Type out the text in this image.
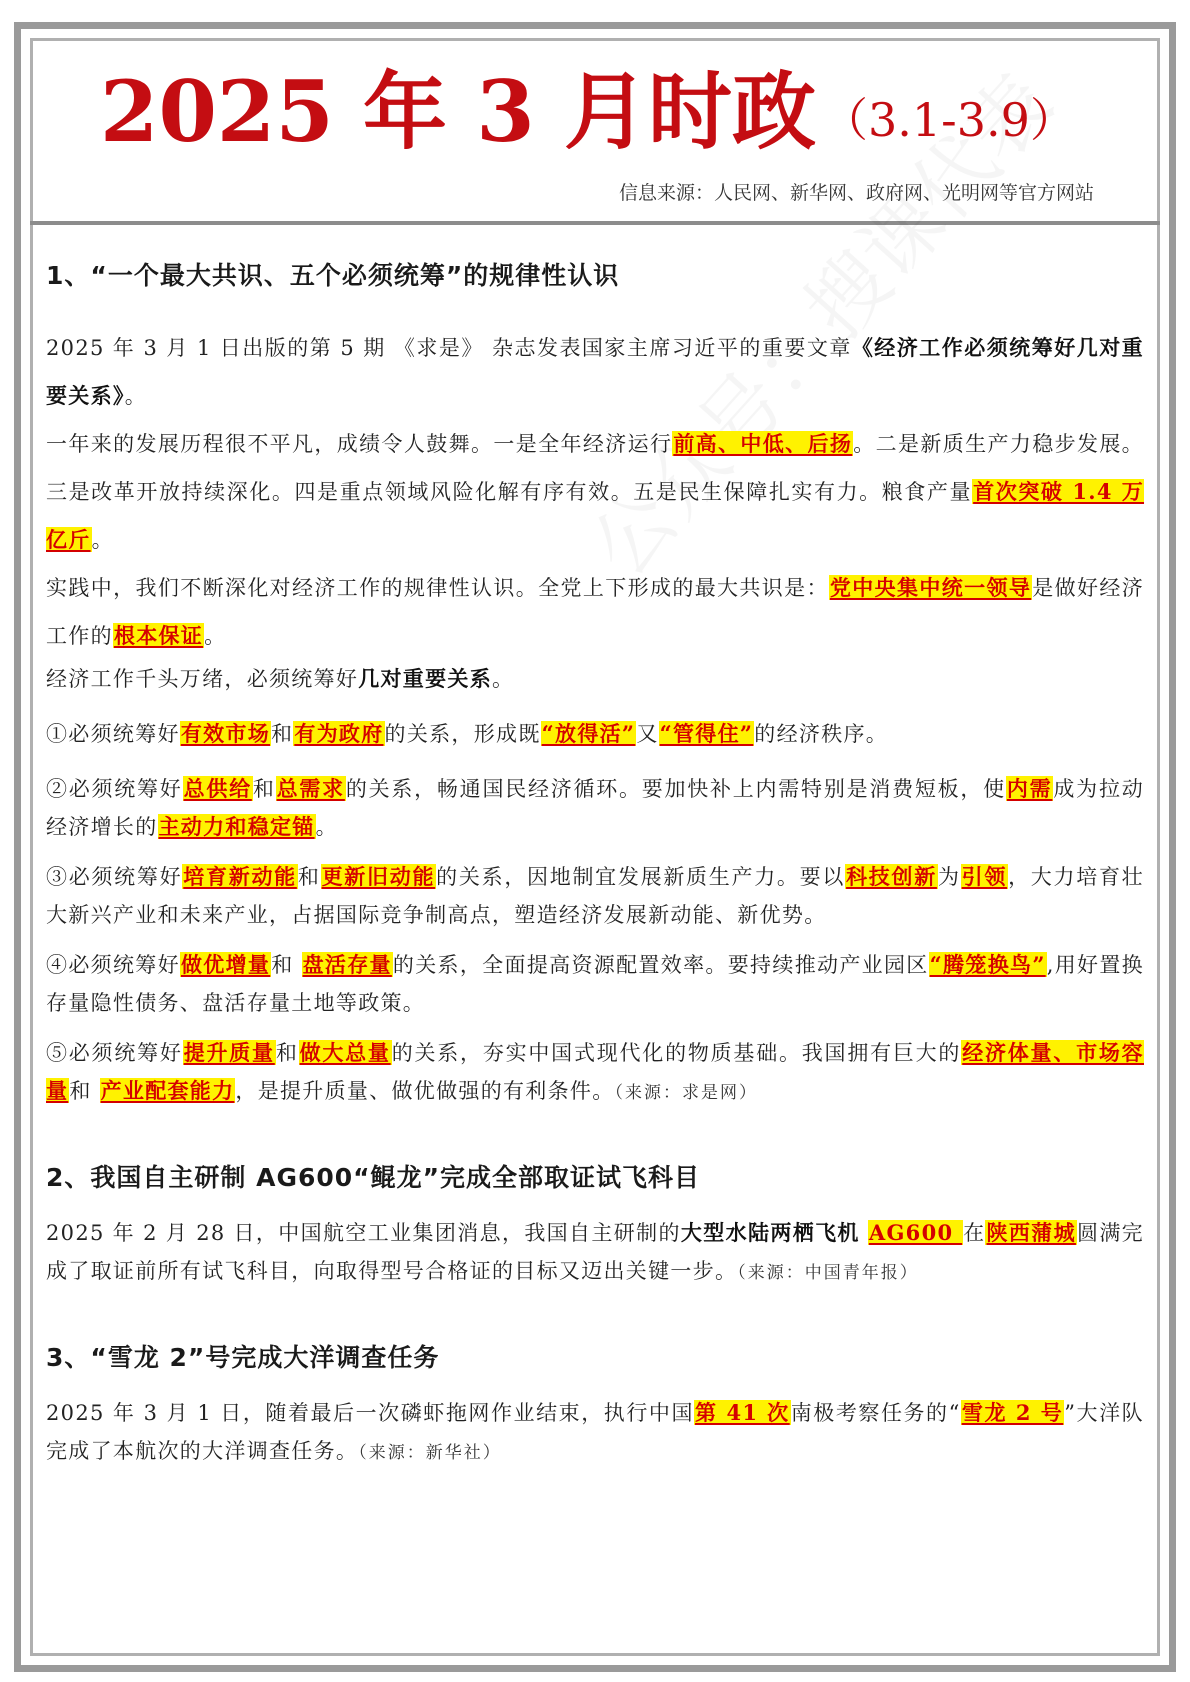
2025 年 3 月时政 （3.1-3.9）
信息来源：人民网、新华网、政府网、光明网等官方网站
1、“一个最大共识、五个必须统筹”的规律性认识

2025 年 3 月 1 日出版的第 5 期 《求是》 杂志发表国家主席习近平的重要文章《经济工作必须统筹好几对重要关系》。

一年来的发展历程很不平凡，成绩令人鼓舞。一是全年经济运行前高、中低、后扬。二是新质生产力稳步发展。三是改革开放持续深化。四是重点领域风险化解有序有效。五是民生保障扎实有力。粮食产量首次突破 1.4 万亿斤。

实践中，我们不断深化对经济工作的规律性认识。全党上下形成的最大共识是：党中央集中统一领导是做好经济工作的根本保证。

经济工作千头万绪，必须统筹好几对重要关系。

①必须统筹好有效市场和有为政府的关系，形成既“放得活”又“管得住”的经济秩序。

②必须统筹好总供给和总需求的关系，畅通国民经济循环。要加快补上内需特别是消费短板，使内需成为拉动经济增长的主动力和稳定锚。

③必须统筹好培育新动能和更新旧动能的关系，因地制宜发展新质生产力。要以科技创新为引领，大力培育壮大新兴产业和未来产业，占据国际竞争制高点，塑造经济发展新动能、新优势。

④必须统筹好做优增量和 盘活存量的关系，全面提高资源配置效率。要持续推动产业园区“腾笼换鸟”,用好置换存量隐性债务、盘活存量土地等政策。

⑤必须统筹好提升质量和做大总量的关系，夯实中国式现代化的物质基础。我国拥有巨大的经济体量、市场容量和 产业配套能力，是提升质量、做优做强的有利条件。（来源：求是网）

2、我国自主研制 AG600“鲲龙”完成全部取证试飞科目

2025 年 2 月 28 日，中国航空工业集团消息，我国自主研制的大型水陆两栖飞机 AG600 在陕西蒲城圆满完成了取证前所有试飞科目，向取得型号合格证的目标又迈出关键一步。（来源：中国青年报）

3、“雪龙 2”号完成大洋调查任务

2025 年 3 月 1 日，随着最后一次磷虾拖网作业结束，执行中国第 41 次南极考察任务的“雪龙 2 号”大洋队完成了本航次的大洋调查任务。（来源：新华社）
